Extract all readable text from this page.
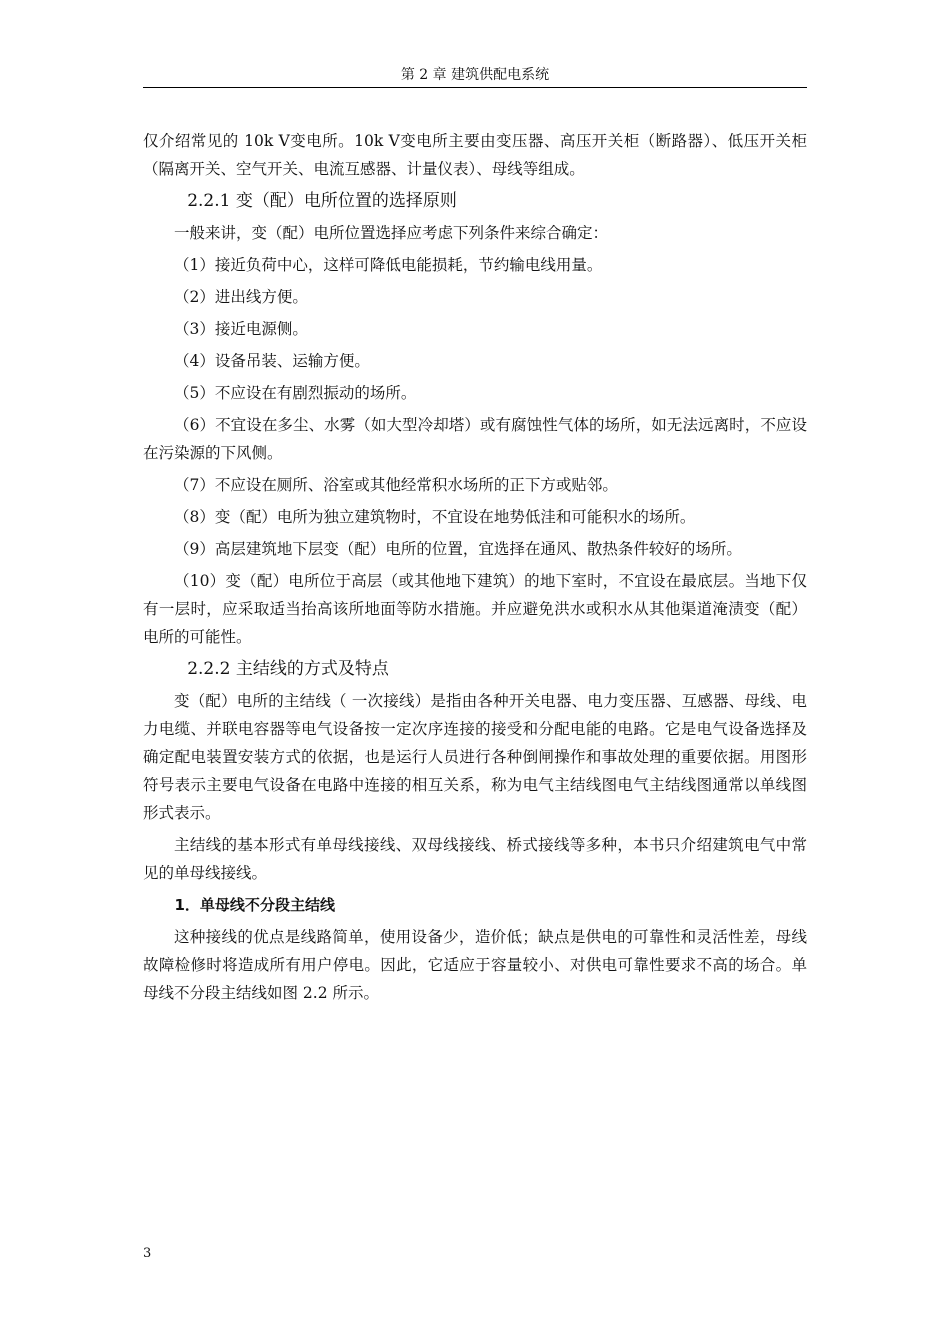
第 2 章 建筑供配电系统

仅介绍常见的 10k Ⅴ变电所。10k Ⅴ变电所主要由变压器、高压开关柜（断路器）、低压开关柜（隔离开关、空气开关、电流互感器、计量仪表）、母线等组成。

2.2.1 变（配）电所位置的选择原则

一般来讲，变（配）电所位置选择应考虑下列条件来综合确定：

（1）接近负荷中心，这样可降低电能损耗，节约输电线用量。

（2）进出线方便。

（3）接近电源侧。

（4）设备吊装、运输方便。

（5）不应设在有剧烈振动的场所。

（6）不宜设在多尘、水雾（如大型冷却塔）或有腐蚀性气体的场所，如无法远离时，不应设在污染源的下风侧。

（7）不应设在厕所、浴室或其他经常积水场所的正下方或贴邻。

（8）变（配）电所为独立建筑物时，不宜设在地势低洼和可能积水的场所。

（9）高层建筑地下层变（配）电所的位置，宜选择在通风、散热条件较好的场所。

（10）变（配）电所位于高层（或其他地下建筑）的地下室时，不宜设在最底层。当地下仅有一层时，应采取适当抬高该所地面等防水措施。并应避免洪水或积水从其他渠道淹渍变（配）电所的可能性。

2.2.2 主结线的方式及特点

变（配）电所的主结线（ 一次接线）是指由各种开关电器、电力变压器、互感器、母线、电力电缆、并联电容器等电气设备按一定次序连接的接受和分配电能的电路。它是电气设备选择及确定配电装置安装方式的依据，也是运行人员进行各种倒闸操作和事故处理的重要依据。用图形符号表示主要电气设备在电路中连接的相互关系，称为电气主结线图电气主结线图通常以单线图形式表示。

主结线的基本形式有单母线接线、双母线接线、桥式接线等多种，本书只介绍建筑电气中常见的单母线接线。

1．单母线不分段主结线

这种接线的优点是线路简单，使用设备少，造价低；缺点是供电的可靠性和灵活性差，母线故障检修时将造成所有用户停电。因此，它适应于容量较小、对供电可靠性要求不高的场合。单母线不分段主结线如图 2.2 所示。

3
